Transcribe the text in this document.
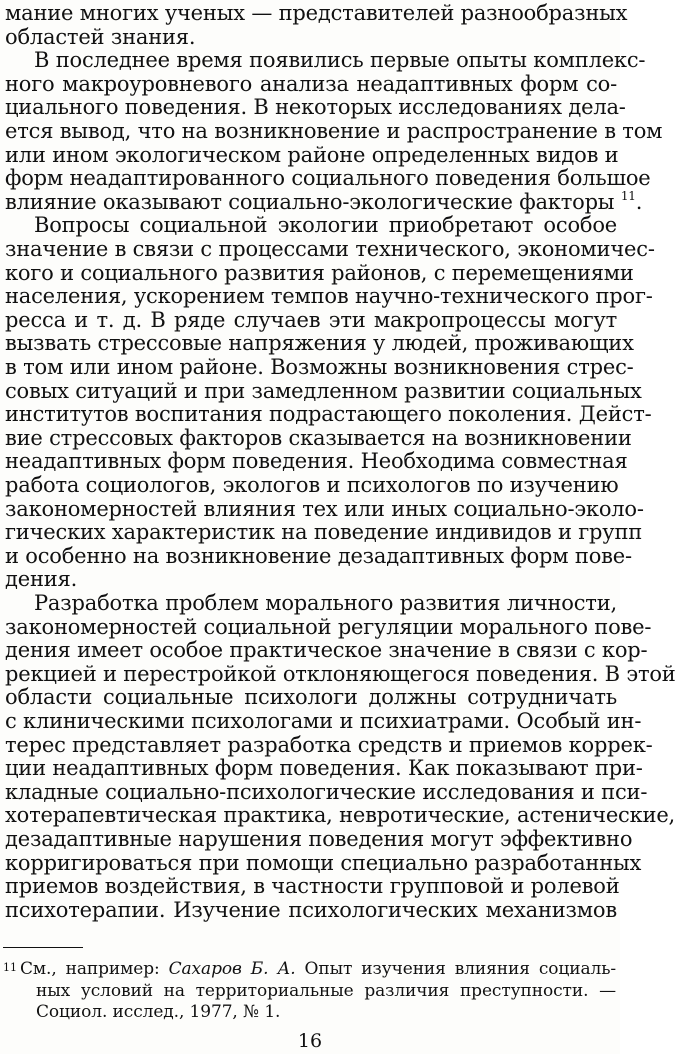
мание многих ученых — представителей разнообразных
областей знания.
В последнее время появились первые опыты комплекс-
ного макроуровневого анализа неадаптивных форм со-
циального поведения. В некоторых исследованиях дела-
ется вывод, что на возникновение и распространение в том
или ином экологическом районе определенных видов и
форм неадаптированного социального поведения большое
влияние оказывают социально-экологические факторы $^{11}$.
Вопросы социальной экологии приобретают особое
значение в связи с процессами технического, экономичес-
кого и социального развития районов, с перемещениями
населения, ускорением темпов научно-технического прог-
ресса и т. д. В ряде случаев эти макропроцессы могут
вызвать стрессовые напряжения у людей, проживающих
в том или ином районе. Возможны возникновения стрес-
совых ситуаций и при замедленном развитии социальных
институтов воспитания подрастающего поколения. Дейст-
вие стрессовых факторов сказывается на возникновении
неадаптивных форм поведения. Необходима совместная
работа социологов, экологов и психологов по изучению
закономерностей влияния тех или иных социально-эколо-
гических характеристик на поведение индивидов и групп
и особенно на возникновение дезадаптивных форм пове-
дения.
Разработка проблем морального развития личности,
закономерностей социальной регуляции морального пове-
дения имеет особое практическое значение в связи с кор-
рекцией и перестройкой отклоняющегося поведения. В этой
области социальные психологи должны сотрудничать
с клиническими психологами и психиатрами. Особый ин-
терес представляет разработка средств и приемов коррек-
ции неадаптивных форм поведения. Как показывают при-
кладные социально-психологические исследования и пси-
хотерапевтическая практика, невротические, астенические,
дезадаптивные нарушения поведения могут эффективно
корригироваться при помощи специально разработанных
приемов воздействия, в частности групповой и ролевой
психотерапии. Изучение психологических механизмов
16
11 См., например: Сахаров Б. А. Опыт изучения влияния социаль-
ных условий на территориальные различия преступности. —
Социол. исслед., 1977, № 1.
